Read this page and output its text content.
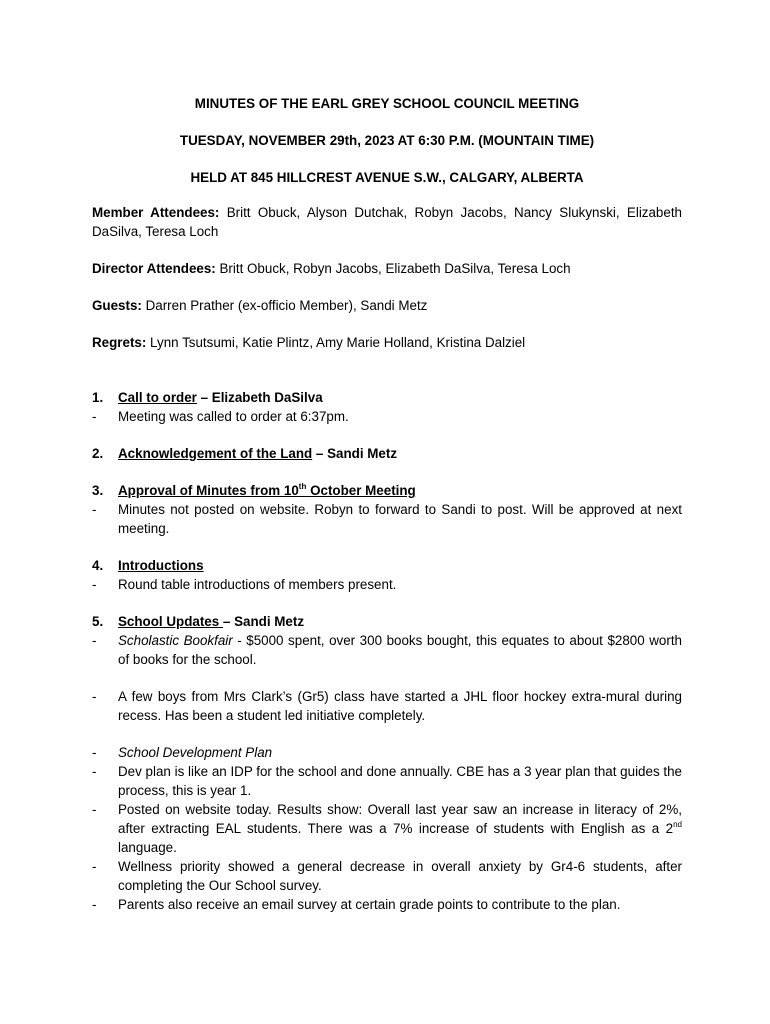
MINUTES OF THE EARL GREY SCHOOL COUNCIL MEETING
TUESDAY, NOVEMBER 29th, 2023 AT 6:30 P.M. (MOUNTAIN TIME)
HELD AT 845 HILLCREST AVENUE S.W., CALGARY, ALBERTA
Member Attendees: Britt Obuck, Alyson Dutchak, Robyn Jacobs, Nancy Slukynski, Elizabeth DaSilva, Teresa Loch
Director Attendees: Britt Obuck, Robyn Jacobs, Elizabeth DaSilva, Teresa Loch
Guests: Darren Prather (ex-officio Member), Sandi Metz
Regrets: Lynn Tsutsumi, Katie Plintz, Amy Marie Holland, Kristina Dalziel
1.	Call to order – Elizabeth DaSilva
-	Meeting was called to order at 6:37pm.
2.	Acknowledgement of the Land – Sandi Metz
3.	Approval of Minutes from 10th October Meeting
-	Minutes not posted on website. Robyn to forward to Sandi to post. Will be approved at next meeting.
4.	Introductions
-	Round table introductions of members present.
5.	School Updates – Sandi Metz
-	Scholastic Bookfair - $5000 spent, over 300 books bought, this equates to about $2800 worth of books for the school.
-	A few boys from Mrs Clark’s (Gr5) class have started a JHL floor hockey extra-mural during recess. Has been a student led initiative completely.
-	School Development Plan
-	Dev plan is like an IDP for the school and done annually. CBE has a 3 year plan that guides the process, this is year 1.
-	Posted on website today. Results show: Overall last year saw an increase in literacy of 2%, after extracting EAL students. There was a 7% increase of students with English as a 2nd language.
-	Wellness priority showed a general decrease in overall anxiety by Gr4-6 students, after completing the Our School survey.
-	Parents also receive an email survey at certain grade points to contribute to the plan.
